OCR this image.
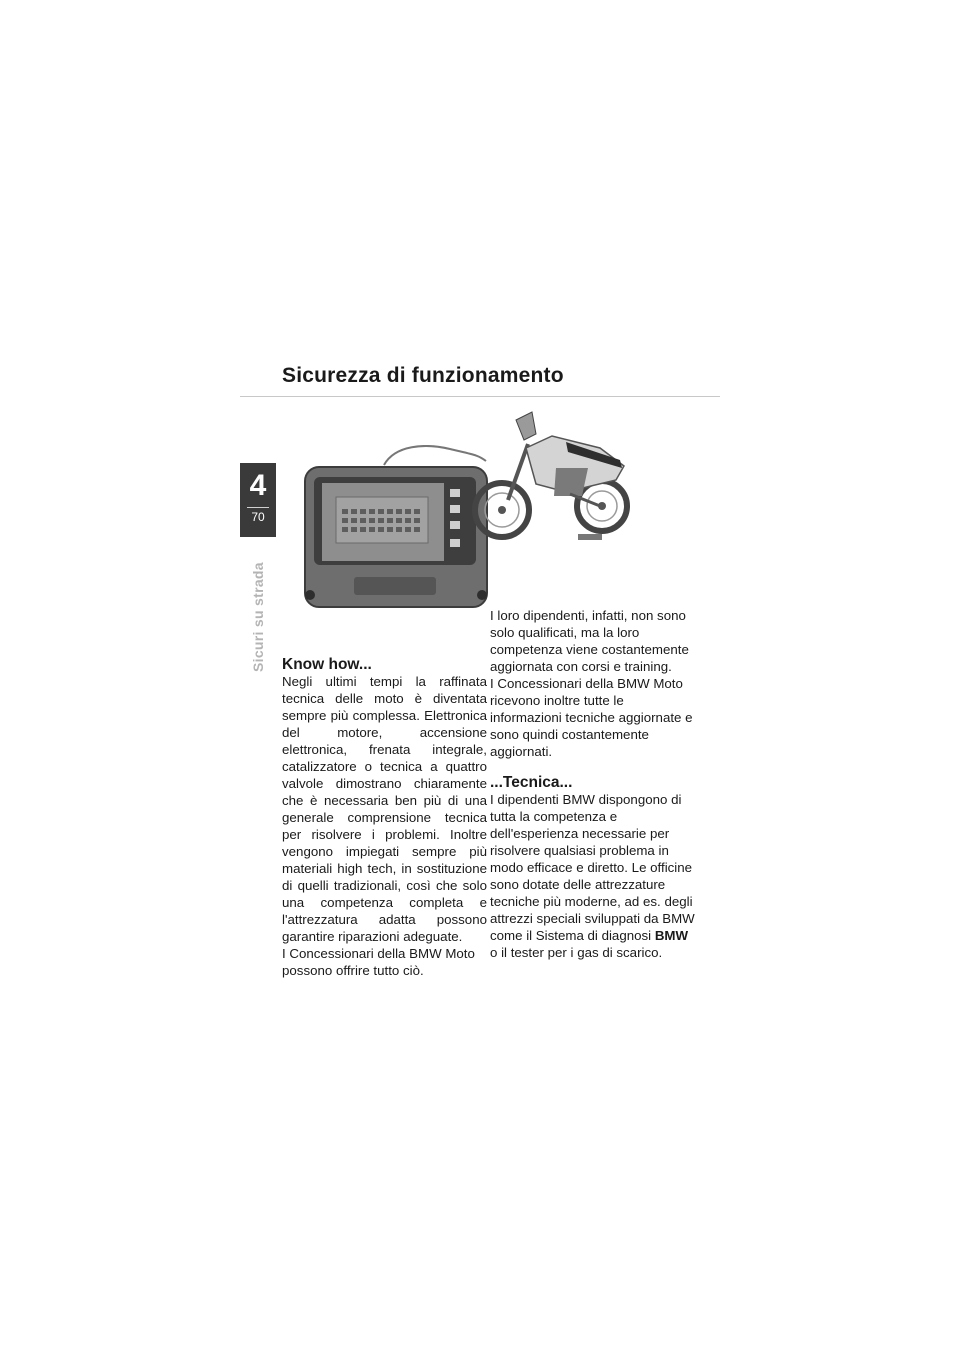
Sicurezza di funzionamento
4
70
Sicuri su strada Know how...

Negli ultimi tempi la raffinata tecnica delle moto è diventata sempre più complessa. Elettronica del motore, accensione elettronica, frenata integrale, catalizzatore o tecnica a quattro valvole dimostrano chiaramente che è necessaria ben più di una generale comprensione tecnica per risolvere i problemi. Inoltre vengono impiegati sempre più materiali high tech, in sostituzione di quelli tradizionali, così che solo una competenza completa e l'attrezzatura adatta possono garantire riparazioni adeguate.

I Concessionari della BMW Moto possono offrire tutto ciò.

I loro dipendenti, infatti, non sono solo qualificati, ma la loro competenza viene costantemente aggiornata con corsi e training.

I Concessionari della BMW Moto ricevono inoltre tutte le informazioni tecniche aggiornate e sono quindi costantemente aggiornati.

...Tecnica...

I dipendenti BMW dispongono di tutta la competenza e dell'esperienza necessarie per risolvere qualsiasi problema in modo efficace e diretto. Le officine sono dotate delle attrezzature tecniche più moderne, ad es. degli attrezzi speciali sviluppati da BMW come il Sistema di diagnosi BMW o il tester per i gas di scarico.
